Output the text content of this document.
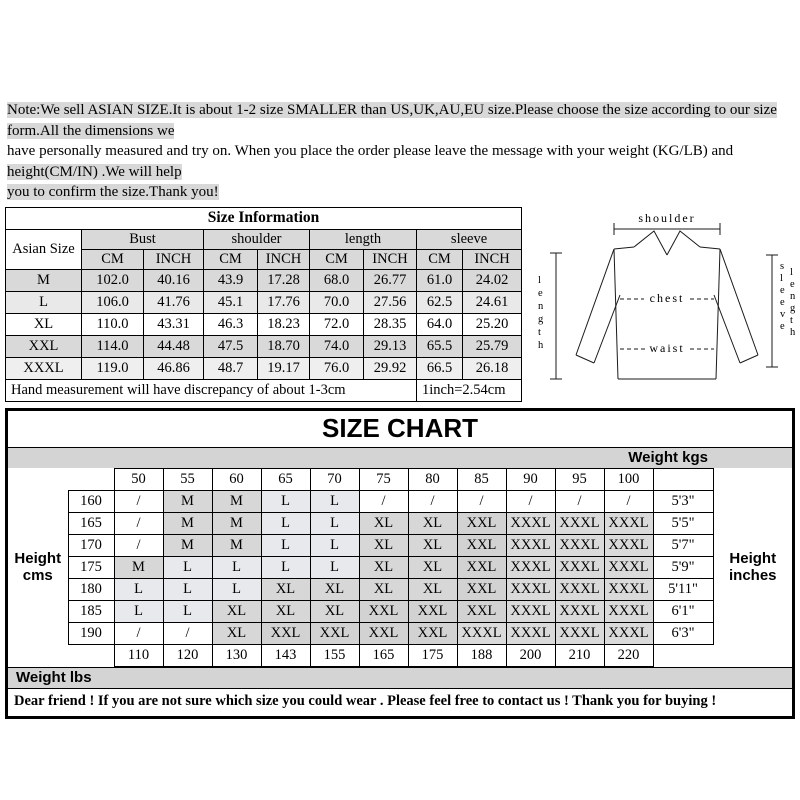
Note:We sell ASIAN SIZE.It is about 1-2 size SMALLER than US,UK,AU,EU size.Please choose the size according to our size
form.All the dimensions we
have personally measured and try on. When you place the order please leave the message with your weight (KG/LB) and
height(CM/IN) .We will help
you to confirm the size.Thank you!
Size Information								
Asian Size	Bust		shoulder		length		sleeve	
	CM	INCH	CM	INCH	CM	INCH	CM	INCH
M	102.0	40.16	43.9	17.28	68.0	26.77	61.0	24.02
L	106.0	41.76	45.1	17.76	70.0	27.56	62.5	24.61
XL	110.0	43.31	46.3	18.23	72.0	28.35	64.0	25.20
XXL	114.0	44.48	47.5	18.70	74.0	29.13	65.5	25.79
XXXL	119.0	46.86	48.7	19.17	76.0	29.92	66.5	26.18
Hand measurement will have discrepancy of about 1-3cm							1inch=2.54cm	
shoulder
chest
waist
l e n g t h
s l e e v e
l e n g t h
SIZE CHART
Weight kgs
		50	55	60	65	70	75	80	85	90	95	100		
Height cms	160	/	M	M	L	L	/	/	/	/	/	/	5'3"	Height inches
	165	/	M	M	L	L	XL	XL	XXL	XXXL	XXXL	XXXL	5'5"	
	170	/	M	M	L	L	XL	XL	XXL	XXXL	XXXL	XXXL	5'7"	
	175	M	L	L	L	L	XL	XL	XXL	XXXL	XXXL	XXXL	5'9"	
	180	L	L	L	XL	XL	XL	XL	XXL	XXXL	XXXL	XXXL	5'11"	
	185	L	L	XL	XL	XL	XXL	XXL	XXL	XXXL	XXXL	XXXL	6'1"	
	190	/	/	XL	XXL	XXL	XXL	XXL	XXXL	XXXL	XXXL	XXXL	6'3"	
		110	120	130	143	155	165	175	188	200	210	220		
Weight lbs
Dear friend ! If you are not sure which size you could wear . Please feel free to contact us ! Thank you for buying !
